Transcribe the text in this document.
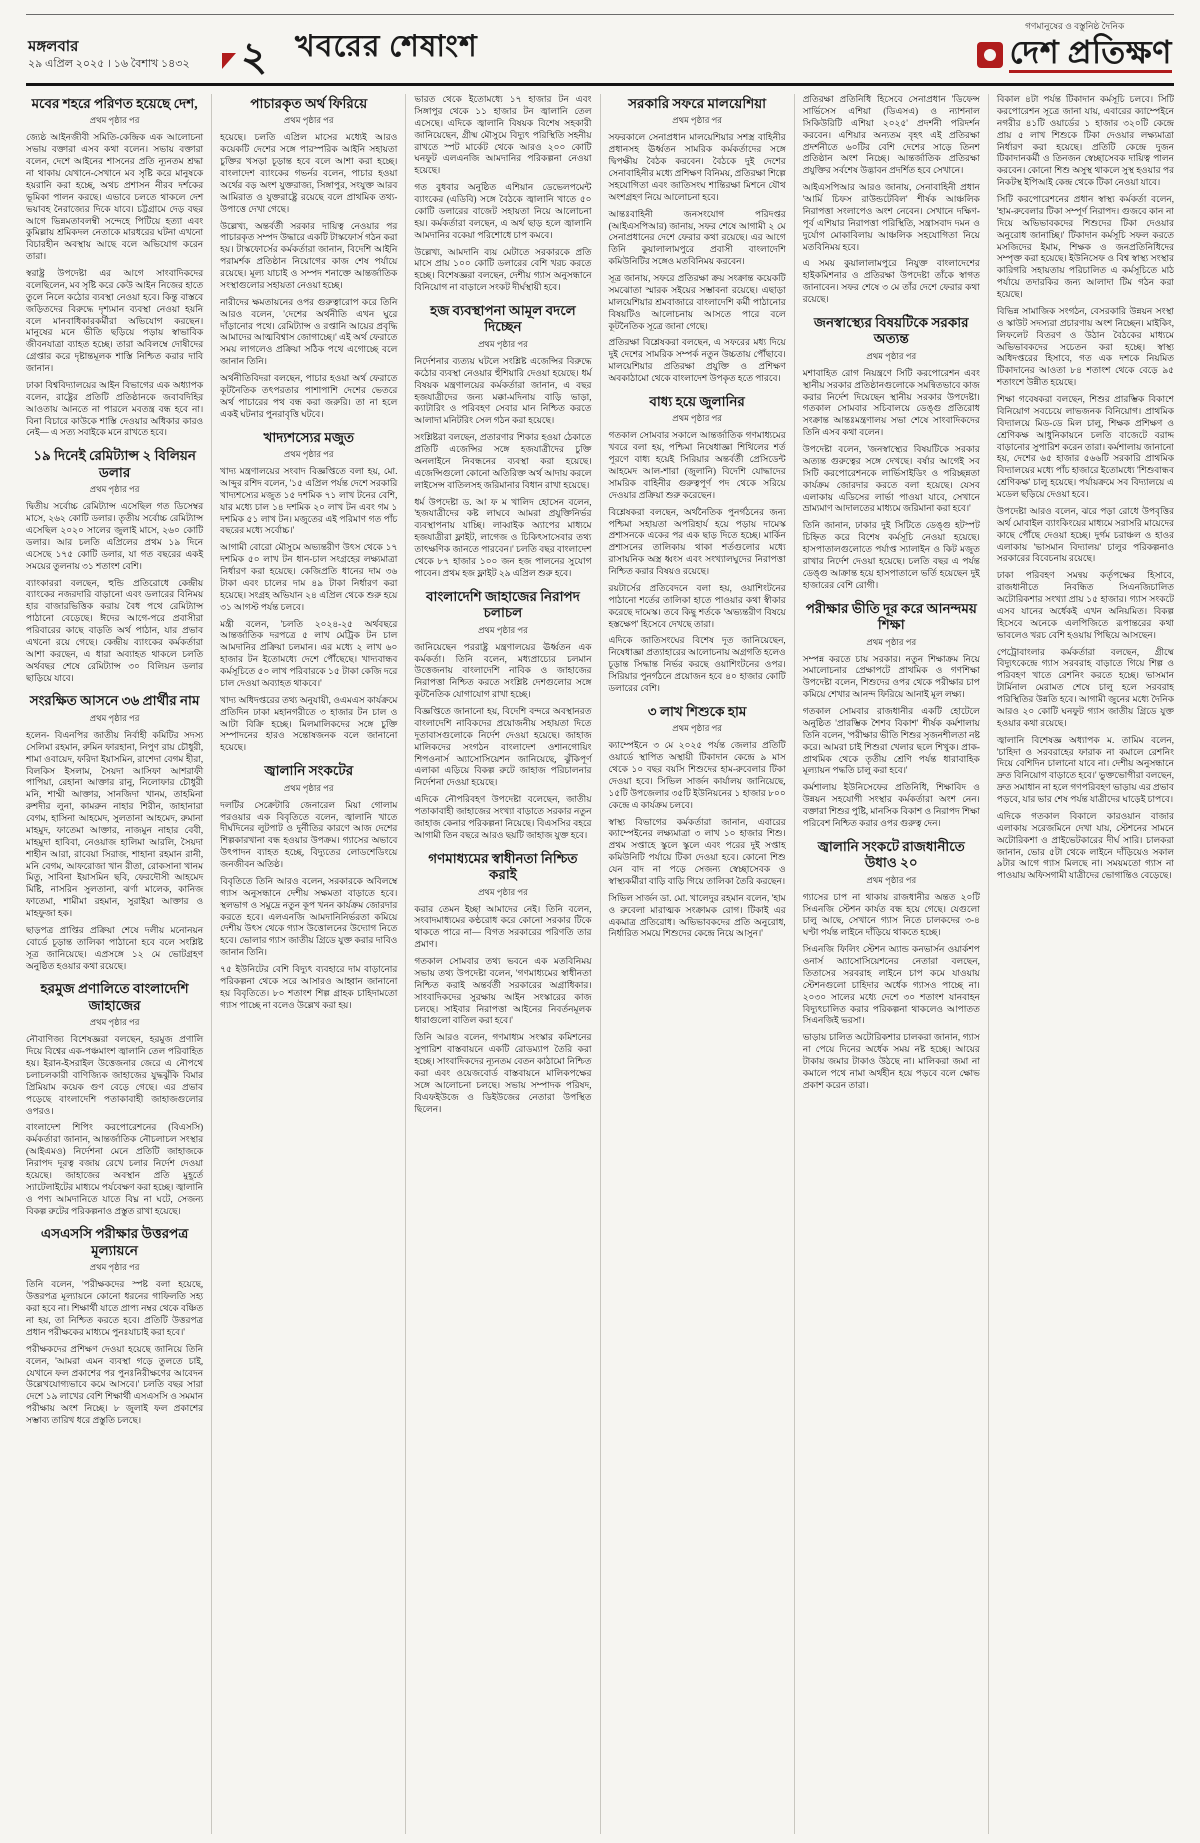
মঙ্গলবার
২৯ এপ্রিল ২০২৫ । ১৬ বৈশাখ ১৪৩২ ২ খবরের শেষাংশ
গণমানুষের ও বস্তুনিষ্ঠ দৈনিক
দেশ প্রতিক্ষণ
মবের শহরে পরিণত হয়েছে দেশ,

প্রথম পৃষ্ঠার পর

জ্যেষ্ঠ আইনজীবী সমিতি-কেন্দ্রিক এক আলোচনা সভায় বক্তারা এসব কথা বলেন। সভায় বক্তারা বলেন, দেশে আইনের শাসনের প্রতি ন্যূনতম শ্রদ্ধা না থাকায় যেখানে-সেখানে মব সৃষ্টি করে মানুষকে হয়রানি করা হচ্ছে, অথচ প্রশাসন নীরব দর্শকের ভূমিকা পালন করছে। এভাবে চলতে থাকলে দেশ ভয়াবহ নৈরাজ্যের দিকে যাবে। চট্টগ্রামে দেড় বছর আগে ভিন্নমতাবলম্বী সন্দেহে পিটিয়ে হত্যা এবং কুমিল্লায় শ্রমিকদল নেতাকে মারধরের ঘটনা এখনো বিচারহীন অবস্থায় আছে বলে অভিযোগ করেন তারা।

স্বরাষ্ট্র উপদেষ্টা এর আগে সাংবাদিকদের বলেছিলেন, মব সৃষ্টি করে কেউ আইন নিজের হাতে তুলে নিলে কঠোর ব্যবস্থা নেওয়া হবে। কিন্তু বাস্তবে জড়িতদের বিরুদ্ধে দৃশ্যমান ব্যবস্থা নেওয়া হয়নি বলে মানবাধিকারকর্মীরা অভিযোগ করছেন। মানুষের মনে ভীতি ছড়িয়ে পড়ায় স্বাভাবিক জীবনযাত্রা ব্যাহত হচ্ছে। তারা অবিলম্বে দোষীদের গ্রেপ্তার করে দৃষ্টান্তমূলক শাস্তি নিশ্চিত করার দাবি জানান।

ঢাকা বিশ্ববিদ্যালয়ের আইন বিভাগের এক অধ্যাপক বলেন, রাষ্ট্রের প্রতিটি প্রতিষ্ঠানকে জবাবদিহির আওতায় আনতে না পারলে মবতন্ত্র বন্ধ হবে না। বিনা বিচারে কাউকে শাস্তি দেওয়ার অধিকার কারও নেই— এ সত্য সবাইকে মনে রাখতে হবে।

১৯ দিনেই রেমিট্যান্স ২ বিলিয়ন ডলার

প্রথম পৃষ্ঠার পর

দ্বিতীয় সর্বোচ্চ রেমিট্যান্স এসেছিল গত ডিসেম্বর মাসে, ২৬২ কোটি ডলার। তৃতীয় সর্বোচ্চ রেমিট্যান্স এসেছিল ২০২০ সালের জুলাই মাসে, ২৬০ কোটি ডলার। আর চলতি এপ্রিলের প্রথম ১৯ দিনে এসেছে ১৭৫ কোটি ডলার, যা গত বছরের একই সময়ের তুলনায় ৩১ শতাংশ বেশি।

ব্যাংকাররা বলছেন, হুন্ডি প্রতিরোধে কেন্দ্রীয় ব্যাংকের নজরদারি বাড়ানো এবং ডলারের বিনিময় হার বাজারভিত্তিক করায় বৈধ পথে রেমিট্যান্স পাঠানো বেড়েছে। ঈদের আগে-পরে প্রবাসীরা পরিবারের কাছে বাড়তি অর্থ পাঠান, যার প্রভাব এখনো রয়ে গেছে। কেন্দ্রীয় ব্যাংকের কর্মকর্তারা আশা করছেন, এ ধারা অব্যাহত থাকলে চলতি অর্থবছর শেষে রেমিট্যান্স ৩০ বিলিয়ন ডলার ছাড়িয়ে যাবে।

সংরক্ষিত আসনে ৩৬ প্রার্থীর নাম

প্রথম পৃষ্ঠার পর

হলেন- বিএনপির জাতীয় নির্বাহী কমিটির সদস্য সেলিমা রহমান, রুমিন ফারহানা, নিপুণ রায় চৌধুরী, শামা ওবায়েদ, ফরিদা ইয়াসমিন, রাশেদা বেগম হীরা, বিলকিস ইসলাম, সৈয়দা আসিফা আশরাফী পাপিয়া, রেহানা আক্তার রানু, নিলোফার চৌধুরী মনি, শাম্মী আক্তার, সানজিদা খানম, তাহমিনা রুশদীর লুনা, কামরুন নাহার শিরীন, জাহানারা বেগম, হাসিনা আহমেদ, সুলতানা আহমেদ, রুমানা মাহমুদ, ফাতেমা আক্তার, নাজমুন নাহার বেবী, মাহমুদা হাবিবা, নেওয়াজ হালিমা আরলি, সৈয়দা শাহীন আরা, রাবেয়া সিরাজ, শাহানা রহমান রানী, মনি বেগম, আফরোজা খান রীতা, রোকসানা খানম মিতু, সাবিনা ইয়াসমিন ছবি, ফেরদৌসী আহমেদ মিষ্টি, নাসরিন সুলতানা, ঝর্ণা মালেক, কানিজ ফাতেমা, শামীমা রহমান, সুরাইয়া আক্তার ও মাহফুজা হক।

ছাড়পত্র প্রাপ্তির প্রক্রিয়া শেষে দলীয় মনোনয়ন বোর্ডে চূড়ান্ত তালিকা পাঠানো হবে বলে সংশ্লিষ্ট সূত্র জানিয়েছে। এপ্রসঙ্গে ১২ মে ভোটগ্রহণ অনুষ্ঠিত হওয়ার কথা রয়েছে।

হরমুজ প্রণালিতে বাংলাদেশি জাহাজের

প্রথম পৃষ্ঠার পর

নৌবাণিজ্য বিশেষজ্ঞরা বলছেন, হরমুজ প্রণালি দিয়ে বিশ্বের এক-পঞ্চমাংশ জ্বালানি তেল পরিবাহিত হয়। ইরান-ইসরাইল উত্তেজনার জেরে এ নৌপথে চলাচলকারী বাণিজ্যিক জাহাজের যুদ্ধঝুঁকি বিমার প্রিমিয়াম কয়েক গুণ বেড়ে গেছে। এর প্রভাব পড়েছে বাংলাদেশি পতাকাবাহী জাহাজগুলোর ওপরও।

বাংলাদেশ শিপিং করপোরেশনের (বিএসসি) কর্মকর্তারা জানান, আন্তর্জাতিক নৌচলাচল সংস্থার (আইএমও) নির্দেশনা মেনে প্রতিটি জাহাজকে নিরাপদ দূরত্ব বজায় রেখে চলার নির্দেশ দেওয়া হয়েছে। জাহাজের অবস্থান প্রতি মুহূর্তে স্যাটেলাইটের মাধ্যমে পর্যবেক্ষণ করা হচ্ছে। জ্বালানি ও পণ্য আমদানিতে যাতে বিঘ্ন না ঘটে, সেজন্য বিকল্প রুটের পরিকল্পনাও প্রস্তুত রাখা হয়েছে।

এসএসসি পরীক্ষার উত্তরপত্র মূল্যায়নে

প্রথম পৃষ্ঠার পর

তিনি বলেন, 'পরীক্ষকদের স্পষ্ট বলা হয়েছে, উত্তরপত্র মূল্যায়নে কোনো ধরনের গাফিলতি সহ্য করা হবে না। শিক্ষার্থী যাতে প্রাপ্য নম্বর থেকে বঞ্চিত না হয়, তা নিশ্চিত করতে হবে। প্রতিটি উত্তরপত্র প্রধান পরীক্ষকের মাধ্যমে পুনঃযাচাই করা হবে।'

পরীক্ষকদের প্রশিক্ষণ দেওয়া হয়েছে জানিয়ে তিনি বলেন, 'আমরা এমন ব্যবস্থা গড়ে তুলতে চাই, যেখানে ফল প্রকাশের পর পুনঃনিরীক্ষণের আবেদন উল্লেখযোগ্যভাবে কমে আসবে।' চলতি বছর সারা দেশে ১৯ লাখের বেশি শিক্ষার্থী এসএসসি ও সমমান পরীক্ষায় অংশ নিচ্ছে। ৮ জুলাই ফল প্রকাশের সম্ভাব্য তারিখ ধরে প্রস্তুতি চলছে।

পাচারকৃত অর্থ ফিরিয়ে

প্রথম পৃষ্ঠার পর

হয়েছে। চলতি এপ্রিল মাসের মধ্যেই আরও কয়েকটি দেশের সঙ্গে পারস্পরিক আইনি সহায়তা চুক্তির খসড়া চূড়ান্ত হবে বলে আশা করা হচ্ছে। বাংলাদেশ ব্যাংকের গভর্নর বলেন, পাচার হওয়া অর্থের বড় অংশ যুক্তরাজ্য, সিঙ্গাপুর, সংযুক্ত আরব আমিরাত ও যুক্তরাষ্ট্রে রয়েছে বলে প্রাথমিক তথ্য-উপাত্তে দেখা গেছে।

উল্লেখ্য, অন্তর্বর্তী সরকার দায়িত্ব নেওয়ার পর পাচারকৃত সম্পদ উদ্ধারে একটি টাস্কফোর্স গঠন করা হয়। টাস্কফোর্সের কর্মকর্তারা জানান, বিদেশি আইনি পরামর্শক প্রতিষ্ঠান নিয়োগের কাজ শেষ পর্যায়ে রয়েছে। মূল্য যাচাই ও সম্পদ শনাক্তে আন্তর্জাতিক সংস্থাগুলোর সহায়তা নেওয়া হচ্ছে।

নারীদের ক্ষমতায়নের ওপর গুরুত্বারোপ করে তিনি আরও বলেন, 'দেশের অর্থনীতি এখন ঘুরে দাঁড়ানোর পথে। রেমিট্যান্স ও রপ্তানি আয়ের প্রবৃদ্ধি আমাদের আত্মবিশ্বাস জোগাচ্ছে।' এই অর্থ ফেরাতে সময় লাগলেও প্রক্রিয়া সঠিক পথে এগোচ্ছে বলে জানান তিনি।

অর্থনীতিবিদরা বলছেন, পাচার হওয়া অর্থ ফেরাতে কূটনৈতিক তৎপরতার পাশাপাশি দেশের ভেতরে অর্থ পাচারের পথ বন্ধ করা জরুরি। তা না হলে একই ঘটনার পুনরাবৃত্তি ঘটবে।

খাদ্যশস্যের মজুত

প্রথম পৃষ্ঠার পর

খাদ্য মন্ত্রণালয়ের সংবাদ বিজ্ঞপ্তিতে বলা হয়, মো. আব্দুর রশিদ বলেন, '১৫ এপ্রিল পর্যন্ত দেশে সরকারি খাদ্যশস্যের মজুত ১৫ দশমিক ৭১ লাখ টনের বেশি, যার মধ্যে চাল ১৪ দশমিক ২০ লাখ টন এবং গম ১ দশমিক ৫১ লাখ টন। মজুতের এই পরিমাণ গত পাঁচ বছরের মধ্যে সর্বোচ্চ।'

আগামী বোরো মৌসুমে অভ্যন্তরীণ উৎস থেকে ১৭ দশমিক ৫০ লাখ টন ধান-চাল সংগ্রহের লক্ষ্যমাত্রা নির্ধারণ করা হয়েছে। কেজিপ্রতি ধানের দাম ৩৬ টাকা এবং চালের দাম ৪৯ টাকা নির্ধারণ করা হয়েছে। সংগ্রহ অভিযান ২৪ এপ্রিল থেকে শুরু হয়ে ৩১ আগস্ট পর্যন্ত চলবে।

মন্ত্রী বলেন, 'চলতি ২০২৪-২৫ অর্থবছরে আন্তর্জাতিক দরপত্রে ৫ লাখ মেট্রিক টন চাল আমদানির প্রক্রিয়া চলমান। এর মধ্যে ২ লাখ ৬০ হাজার টন ইতোমধ্যে দেশে পৌঁছেছে। খাদ্যবান্ধব কর্মসূচিতে ৫০ লাখ পরিবারকে ১৫ টাকা কেজি দরে চাল দেওয়া অব্যাহত থাকবে।'

খাদ্য অধিদপ্তরের তথ্য অনুযায়ী, ওএমএস কার্যক্রমে প্রতিদিন ঢাকা মহানগরীতে ৩ হাজার টন চাল ও আটা বিক্রি হচ্ছে। মিলমালিকদের সঙ্গে চুক্তি সম্পাদনের হারও সন্তোষজনক বলে জানানো হয়েছে।

জ্বালানি সংকটের

প্রথম পৃষ্ঠার পর

দলটির সেক্রেটারি জেনারেল মিয়া গোলাম পরওয়ার এক বিবৃতিতে বলেন, জ্বালানি খাতে দীর্ঘদিনের লুটপাট ও দুর্নীতির কারণে আজ দেশের শিল্পকারখানা বন্ধ হওয়ার উপক্রম। গ্যাসের অভাবে উৎপাদন ব্যাহত হচ্ছে, বিদ্যুতের লোডশেডিংয়ে জনজীবন অতিষ্ঠ।

বিবৃতিতে তিনি আরও বলেন, সরকারকে অবিলম্বে গ্যাস অনুসন্ধানে দেশীয় সক্ষমতা বাড়াতে হবে। স্থলভাগ ও সমুদ্রে নতুন কূপ খনন কার্যক্রম জোরদার করতে হবে। এলএনজি আমদানিনির্ভরতা কমিয়ে দেশীয় উৎস থেকে গ্যাস উত্তোলনের উদ্যোগ নিতে হবে। ভোলার গ্যাস জাতীয় গ্রিডে যুক্ত করার দাবিও জানান তিনি।

৭৫ ইউনিটের বেশি বিদ্যুৎ ব্যবহারে দাম বাড়ানোর পরিকল্পনা থেকে সরে আসারও আহ্বান জানানো হয় বিবৃতিতে। ৮০ শতাংশ শিল্প গ্রাহক চাহিদামতো গ্যাস পাচ্ছে না বলেও উল্লেখ করা হয়।

ভারত থেকে ইতোমধ্যে ১৭ হাজার টন এবং সিঙ্গাপুর থেকে ১১ হাজার টন জ্বালানি তেল এসেছে। এদিকে জ্বালানি বিষয়ক বিশেষ সহকারী জানিয়েছেন, গ্রীষ্ম মৌসুমে বিদ্যুৎ পরিস্থিতি সহনীয় রাখতে স্পট মার্কেট থেকে আরও ২০০ কোটি ঘনফুট এলএনজি আমদানির পরিকল্পনা নেওয়া হয়েছে।

গত বুধবার অনুষ্ঠিত এশিয়ান ডেভেলপমেন্ট ব্যাংকের (এডিবি) সঙ্গে বৈঠকে জ্বালানি খাতে ৫০ কোটি ডলারের বাজেট সহায়তা নিয়ে আলোচনা হয়। কর্মকর্তারা বলছেন, এ অর্থ ছাড় হলে জ্বালানি আমদানির বকেয়া পরিশোধে চাপ কমবে।

উল্লেখ্য, আমদানি ব্যয় মেটাতে সরকারকে প্রতি মাসে প্রায় ১০০ কোটি ডলারের বেশি খরচ করতে হচ্ছে। বিশেষজ্ঞরা বলছেন, দেশীয় গ্যাস অনুসন্ধানে বিনিয়োগ না বাড়ালে সংকট দীর্ঘস্থায়ী হবে।

হজ ব্যবস্থাপনা আমূল বদলে দিচ্ছেন

প্রথম পৃষ্ঠার পর

নির্দেশনার ব্যত্যয় ঘটলে সংশ্লিষ্ট এজেন্সির বিরুদ্ধে কঠোর ব্যবস্থা নেওয়ার হুঁশিয়ারি দেওয়া হয়েছে। ধর্ম বিষয়ক মন্ত্রণালয়ের কর্মকর্তারা জানান, এ বছর হজযাত্রীদের জন্য মক্কা-মদিনায় বাড়ি ভাড়া, ক্যাটারিং ও পরিবহণ সেবার মান নিশ্চিত করতে আলাদা মনিটরিং সেল গঠন করা হয়েছে।

সংশ্লিষ্টরা বলছেন, প্রতারণার শিকার হওয়া ঠেকাতে প্রতিটি এজেন্সির সঙ্গে হজযাত্রীদের চুক্তি অনলাইনে নিবন্ধনের ব্যবস্থা করা হয়েছে। এজেন্সিগুলো কোনো অতিরিক্ত অর্থ আদায় করলে লাইসেন্স বাতিলসহ জরিমানার বিধান রাখা হয়েছে।

ধর্ম উপদেষ্টা ড. আ ফ ম খালিদ হোসেন বলেন, 'হজযাত্রীদের কষ্ট লাঘবে আমরা প্রযুক্তিনির্ভর ব্যবস্থাপনায় যাচ্ছি। লাব্বাইক অ্যাপের মাধ্যমে হজযাত্রীরা ফ্লাইট, লাগেজ ও চিকিৎসাসেবার তথ্য তাৎক্ষণিক জানতে পারবেন।' চলতি বছর বাংলাদেশ থেকে ৮৭ হাজার ১০০ জন হজ পালনের সুযোগ পাবেন। প্রথম হজ ফ্লাইট ২৯ এপ্রিল শুরু হবে।

বাংলাদেশি জাহাজের নিরাপদ চলাচল

প্রথম পৃষ্ঠার পর

জানিয়েছেন পররাষ্ট্র মন্ত্রণালয়ের ঊর্ধ্বতন এক কর্মকর্তা। তিনি বলেন, মধ্যপ্রাচ্যের চলমান উত্তেজনায় বাংলাদেশি নাবিক ও জাহাজের নিরাপত্তা নিশ্চিত করতে সংশ্লিষ্ট দেশগুলোর সঙ্গে কূটনৈতিক যোগাযোগ রাখা হচ্ছে।

বিজ্ঞপ্তিতে জানানো হয়, বিদেশি বন্দরে অবস্থানরত বাংলাদেশি নাবিকদের প্রয়োজনীয় সহায়তা দিতে দূতাবাসগুলোকে নির্দেশ দেওয়া হয়েছে। জাহাজ মালিকদের সংগঠন বাংলাদেশ ওশানগোয়িং শিপওনার্স অ্যাসোসিয়েশন জানিয়েছে, ঝুঁকিপূর্ণ এলাকা এড়িয়ে বিকল্প রুটে জাহাজ পরিচালনার নির্দেশনা দেওয়া হয়েছে।

এদিকে নৌপরিবহণ উপদেষ্টা বলেছেন, জাতীয় পতাকাবাহী জাহাজের সংখ্যা বাড়াতে সরকার নতুন জাহাজ কেনার পরিকল্পনা নিয়েছে। বিএসসির বহরে আগামী তিন বছরে আরও ছয়টি জাহাজ যুক্ত হবে।

গণমাধ্যমের স্বাধীনতা নিশ্চিত করাই

প্রথম পৃষ্ঠার পর

করার তেমন ইচ্ছা আমাদের নেই। তিনি বলেন, সংবাদমাধ্যমের কণ্ঠরোধ করে কোনো সরকার টিকে থাকতে পারে না— বিগত সরকারের পরিণতি তার প্রমাণ।

গতকাল সোমবার তথ্য ভবনে এক মতবিনিময় সভায় তথ্য উপদেষ্টা বলেন, 'গণমাধ্যমের স্বাধীনতা নিশ্চিত করাই অন্তর্বর্তী সরকারের অগ্রাধিকার। সাংবাদিকদের সুরক্ষায় আইন সংস্কারের কাজ চলছে। সাইবার নিরাপত্তা আইনের নিবর্তনমূলক ধারাগুলো বাতিল করা হবে।'

তিনি আরও বলেন, গণমাধ্যম সংস্কার কমিশনের সুপারিশ বাস্তবায়নে একটি রোডম্যাপ তৈরি করা হচ্ছে। সাংবাদিকদের ন্যূনতম বেতন কাঠামো নিশ্চিত করা এবং ওয়েজবোর্ড বাস্তবায়নে মালিকপক্ষের সঙ্গে আলোচনা চলছে। সভায় সম্পাদক পরিষদ, বিএফইউজে ও ডিইউজের নেতারা উপস্থিত ছিলেন।

সরকারি সফরে মালয়েশিয়া

প্রথম পৃষ্ঠার পর

সফরকালে সেনাপ্রধান মালয়েশিয়ার সশস্ত্র বাহিনীর প্রধানসহ ঊর্ধ্বতন সামরিক কর্মকর্তাদের সঙ্গে দ্বিপক্ষীয় বৈঠক করবেন। বৈঠকে দুই দেশের সেনাবাহিনীর মধ্যে প্রশিক্ষণ বিনিময়, প্রতিরক্ষা শিল্পে সহযোগিতা এবং জাতিসংঘ শান্তিরক্ষা মিশনে যৌথ অংশগ্রহণ নিয়ে আলোচনা হবে।

আন্তঃবাহিনী জনসংযোগ পরিদপ্তর (আইএসপিআর) জানায়, সফর শেষে আগামী ২ মে সেনাপ্রধানের দেশে ফেরার কথা রয়েছে। এর আগে তিনি কুয়ালালামপুরে প্রবাসী বাংলাদেশি কমিউনিটির সঙ্গেও মতবিনিময় করবেন।

সূত্র জানায়, সফরে প্রতিরক্ষা ক্রয় সংক্রান্ত কয়েকটি সমঝোতা স্মারক সইয়ের সম্ভাবনা রয়েছে। এছাড়া মালয়েশিয়ার শ্রমবাজারে বাংলাদেশি কর্মী পাঠানোর বিষয়টিও আলোচনায় আসতে পারে বলে কূটনৈতিক সূত্রে জানা গেছে।

প্রতিরক্ষা বিশ্লেষকরা বলছেন, এ সফরের মধ্য দিয়ে দুই দেশের সামরিক সম্পর্ক নতুন উচ্চতায় পৌঁছাবে। মালয়েশিয়ার প্রতিরক্ষা প্রযুক্তি ও প্রশিক্ষণ অবকাঠামো থেকে বাংলাদেশ উপকৃত হতে পারবে।

বাধ্য হয়ে জুলানির

প্রথম পৃষ্ঠার পর

গতকাল সোমবার সকালে আন্তর্জাতিক গণমাধ্যমের খবরে বলা হয়, পশ্চিমা নিষেধাজ্ঞা শিথিলের শর্ত পূরণে বাধ্য হয়েই সিরিয়ার অন্তর্বর্তী প্রেসিডেন্ট আহমেদ আল-শারা (জুলানি) বিদেশি যোদ্ধাদের সামরিক বাহিনীর গুরুত্বপূর্ণ পদ থেকে সরিয়ে দেওয়ার প্রক্রিয়া শুরু করেছেন।

বিশ্লেষকরা বলছেন, অর্থনৈতিক পুনর্গঠনের জন্য পশ্চিমা সহায়তা অপরিহার্য হয়ে পড়ায় দামেস্ক প্রশাসনকে একের পর এক ছাড় দিতে হচ্ছে। মার্কিন প্রশাসনের তালিকায় থাকা শর্তগুলোর মধ্যে রাসায়নিক অস্ত্র ধ্বংস এবং সংখ্যালঘুদের নিরাপত্তা নিশ্চিত করার বিষয়ও রয়েছে।

রয়টার্সের প্রতিবেদনে বলা হয়, ওয়াশিংটনের পাঠানো শর্তের তালিকা হাতে পাওয়ার কথা স্বীকার করেছে দামেস্ক। তবে কিছু শর্তকে 'অভ্যন্তরীণ বিষয়ে হস্তক্ষেপ' হিসেবে দেখছে তারা।

এদিকে জাতিসংঘের বিশেষ দূত জানিয়েছেন, নিষেধাজ্ঞা প্রত্যাহারের আলোচনায় অগ্রগতি হলেও চূড়ান্ত সিদ্ধান্ত নির্ভর করছে ওয়াশিংটনের ওপর। সিরিয়ার পুনর্গঠনে প্রয়োজন হবে ৪০ হাজার কোটি ডলারের বেশি।

৩ লাখ শিশুকে হাম

প্রথম পৃষ্ঠার পর

ক্যাম্পেইনে ৩ মে ২০২৫ পর্যন্ত জেলার প্রতিটি ওয়ার্ডে স্থাপিত অস্থায়ী টিকাদান কেন্দ্রে ৯ মাস থেকে ১০ বছর বয়সি শিশুদের হাম-রুবেলার টিকা দেওয়া হবে। সিভিল সার্জন কার্যালয় জানিয়েছে, ১৫টি উপজেলার ৩৫টি ইউনিয়নের ১ হাজার ৮০০ কেন্দ্রে এ কার্যক্রম চলবে।

স্বাস্থ্য বিভাগের কর্মকর্তারা জানান, এবারের ক্যাম্পেইনের লক্ষ্যমাত্রা ৩ লাখ ১০ হাজার শিশু। প্রথম সপ্তাহে স্কুলে স্কুলে এবং পরের দুই সপ্তাহ কমিউনিটি পর্যায়ে টিকা দেওয়া হবে। কোনো শিশু যেন বাদ না পড়ে সেজন্য স্বেচ্ছাসেবক ও স্বাস্থ্যকর্মীরা বাড়ি বাড়ি গিয়ে তালিকা তৈরি করছেন।

সিভিল সার্জন ডা. মো. খালেদুর রহমান বলেন, 'হাম ও রুবেলা মারাত্মক সংক্রামক রোগ। টিকাই এর একমাত্র প্রতিরোধ। অভিভাবকদের প্রতি অনুরোধ, নির্ধারিত সময়ে শিশুদের কেন্দ্রে নিয়ে আসুন।'

প্রতিরক্ষা প্রতিনিধি হিসেবে সেনাপ্রধান 'ডিফেন্স সার্ভিসেস এশিয়া (ডিএসএ) ও ন্যাশনাল সিকিউরিটি এশিয়া ২০২৫' প্রদর্শনী পরিদর্শন করবেন। এশিয়ার অন্যতম বৃহৎ এই প্রতিরক্ষা প্রদর্শনীতে ৬০টির বেশি দেশের সাড়ে তিনশ প্রতিষ্ঠান অংশ নিচ্ছে। আন্তর্জাতিক প্রতিরক্ষা প্রযুক্তির সর্বশেষ উদ্ভাবন প্রদর্শিত হবে সেখানে।

আইএসপিআর আরও জানায়, সেনাবাহিনী প্রধান 'আর্মি চিফস রাউন্ডটেবিল' শীর্ষক আঞ্চলিক নিরাপত্তা সংলাপেও অংশ নেবেন। সেখানে দক্ষিণ-পূর্ব এশিয়ার নিরাপত্তা পরিস্থিতি, সন্ত্রাসবাদ দমন ও দুর্যোগ মোকাবিলায় আঞ্চলিক সহযোগিতা নিয়ে মতবিনিময় হবে।

এ সময় কুয়ালালামপুরে নিযুক্ত বাংলাদেশের হাইকমিশনার ও প্রতিরক্ষা উপদেষ্টা তাঁকে স্বাগত জানাবেন। সফর শেষে ৩ মে তাঁর দেশে ফেরার কথা রয়েছে।

জনস্বাস্থ্যের বিষয়টিকে সরকার অত্যন্ত

প্রথম পৃষ্ঠার পর

মশাবাহিত রোগ নিয়ন্ত্রণে সিটি করপোরেশন এবং স্থানীয় সরকার প্রতিষ্ঠানগুলোকে সমন্বিতভাবে কাজ করার নির্দেশ দিয়েছেন স্থানীয় সরকার উপদেষ্টা। গতকাল সোমবার সচিবালয়ে ডেঙ্গু প্রতিরোধ সংক্রান্ত আন্তঃমন্ত্রণালয় সভা শেষে সাংবাদিকদের তিনি এসব কথা বলেন।

উপদেষ্টা বলেন, 'জনস্বাস্থ্যের বিষয়টিকে সরকার অত্যন্ত গুরুত্বের সঙ্গে দেখছে। বর্ষার আগেই সব সিটি করপোরেশনকে লার্ভিসাইডিং ও পরিচ্ছন্নতা কার্যক্রম জোরদার করতে বলা হয়েছে। যেসব এলাকায় এডিসের লার্ভা পাওয়া যাবে, সেখানে ভ্রাম্যমাণ আদালতের মাধ্যমে জরিমানা করা হবে।'

তিনি জানান, ঢাকার দুই সিটিতে ডেঙ্গু হটস্পট চিহ্নিত করে বিশেষ কর্মসূচি নেওয়া হয়েছে। হাসপাতালগুলোতে পর্যাপ্ত স্যালাইন ও কিট মজুত রাখার নির্দেশ দেওয়া হয়েছে। চলতি বছর এ পর্যন্ত ডেঙ্গু আক্রান্ত হয়ে হাসপাতালে ভর্তি হয়েছেন দুই হাজারের বেশি রোগী।

পরীক্ষার ভীতি দূর করে আনন্দময় শিক্ষা

প্রথম পৃষ্ঠার পর

সম্পন্ন করতে চায় সরকার। নতুন শিক্ষাক্রম নিয়ে সমালোচনার প্রেক্ষাপটে প্রাথমিক ও গণশিক্ষা উপদেষ্টা বলেন, শিশুদের ওপর থেকে পরীক্ষার চাপ কমিয়ে শেখার আনন্দ ফিরিয়ে আনাই মূল লক্ষ্য।

গতকাল সোমবার রাজধানীর একটি হোটেলে অনুষ্ঠিত 'প্রারম্ভিক শৈশব বিকাশ' শীর্ষক কর্মশালায় তিনি বলেন, 'পরীক্ষার ভীতি শিশুর সৃজনশীলতা নষ্ট করে। আমরা চাই শিশুরা খেলার ছলে শিখুক। প্রাক-প্রাথমিক থেকে তৃতীয় শ্রেণি পর্যন্ত ধারাবাহিক মূল্যায়ন পদ্ধতি চালু করা হবে।'

কর্মশালায় ইউনিসেফের প্রতিনিধি, শিক্ষাবিদ ও উন্নয়ন সহযোগী সংস্থার কর্মকর্তারা অংশ নেন। বক্তারা শিশুর পুষ্টি, মানসিক বিকাশ ও নিরাপদ শিক্ষা পরিবেশ নিশ্চিত করার ওপর গুরুত্ব দেন।

জ্বালানি সংকটে রাজধানীতে উধাও ২০

প্রথম পৃষ্ঠার পর

গ্যাসের চাপ না থাকায় রাজধানীর অন্তত ২০টি সিএনজি স্টেশন কার্যত বন্ধ হয়ে গেছে। যেগুলো চালু আছে, সেখানে গ্যাস নিতে চালকদের ৩-৪ ঘণ্টা পর্যন্ত লাইনে দাঁড়িয়ে থাকতে হচ্ছে।

সিএনজি ফিলিং স্টেশন অ্যান্ড কনভার্সন ওয়ার্কশপ ওনার্স অ্যাসোসিয়েশনের নেতারা বলছেন, তিতাসের সরবরাহ লাইনে চাপ কমে যাওয়ায় স্টেশনগুলো চাহিদার অর্ধেক গ্যাসও পাচ্ছে না। ২০৩০ সালের মধ্যে দেশে ৩০ শতাংশ যানবাহন বিদ্যুৎচালিত করার পরিকল্পনা থাকলেও আপাতত সিএনজিই ভরসা।

ভাড়ায় চালিত অটোরিকশার চালকরা জানান, গ্যাস না পেয়ে দিনের অর্ধেক সময় নষ্ট হচ্ছে। আয়ের টাকায় জমার টাকাও উঠছে না। মালিকরা জমা না কমালে পথে নামা অর্থহীন হয়ে পড়বে বলে ক্ষোভ প্রকাশ করেন তারা।

বিকাল ৪টা পর্যন্ত টিকাদান কর্মসূচি চলবে। সিটি করপোরেশন সূত্রে জানা যায়, এবারের ক্যাম্পেইনে নগরীর ৪১টি ওয়ার্ডের ১ হাজার ৩২০টি কেন্দ্রে প্রায় ৫ লাখ শিশুকে টিকা দেওয়ার লক্ষ্যমাত্রা নির্ধারণ করা হয়েছে। প্রতিটি কেন্দ্রে দুজন টিকাদানকর্মী ও তিনজন স্বেচ্ছাসেবক দায়িত্ব পালন করবেন। কোনো শিশু অসুস্থ থাকলে সুস্থ হওয়ার পর নিকটস্থ ইপিআই কেন্দ্র থেকে টিকা নেওয়া যাবে।

সিটি করপোরেশনের প্রধান স্বাস্থ্য কর্মকর্তা বলেন, 'হাম-রুবেলার টিকা সম্পূর্ণ নিরাপদ। গুজবে কান না দিয়ে অভিভাবকদের শিশুদের টিকা দেওয়ার অনুরোধ জানাচ্ছি।' টিকাদান কর্মসূচি সফল করতে মসজিদের ইমাম, শিক্ষক ও জনপ্রতিনিধিদের সম্পৃক্ত করা হয়েছে। ইউনিসেফ ও বিশ্ব স্বাস্থ্য সংস্থার কারিগরি সহায়তায় পরিচালিত এ কর্মসূচিতে মাঠ পর্যায়ে তদারকির জন্য আলাদা টিম গঠন করা হয়েছে।

বিভিন্ন সামাজিক সংগঠন, বেসরকারি উন্নয়ন সংস্থা ও স্কাউট সদস্যরা প্রচারণায় অংশ নিচ্ছেন। মাইকিং, লিফলেট বিতরণ ও উঠান বৈঠকের মাধ্যমে অভিভাবকদের সচেতন করা হচ্ছে। স্বাস্থ্য অধিদপ্তরের হিসাবে, গত এক দশকে নিয়মিত টিকাদানের আওতা ৮৪ শতাংশ থেকে বেড়ে ৯৫ শতাংশে উন্নীত হয়েছে।

শিক্ষা গবেষকরা বলছেন, শিশুর প্রারম্ভিক বিকাশে বিনিয়োগ সবচেয়ে লাভজনক বিনিয়োগ। প্রাথমিক বিদ্যালয়ে মিড-ডে মিল চালু, শিক্ষক প্রশিক্ষণ ও শ্রেণিকক্ষ আধুনিকায়নে চলতি বাজেটে বরাদ্দ বাড়ানোর সুপারিশ করেন তারা। কর্মশালায় জানানো হয়, দেশের ৬৫ হাজার ৫৬৬টি সরকারি প্রাথমিক বিদ্যালয়ের মধ্যে পাঁচ হাজারে ইতোমধ্যে 'শিশুবান্ধব শ্রেণিকক্ষ' চালু হয়েছে। পর্যায়ক্রমে সব বিদ্যালয়ে এ মডেল ছড়িয়ে দেওয়া হবে।

উপদেষ্টা আরও বলেন, ঝরে পড়া রোধে উপবৃত্তির অর্থ মোবাইল ব্যাংকিংয়ের মাধ্যমে সরাসরি মায়েদের কাছে পৌঁছে দেওয়া হচ্ছে। দুর্গম চরাঞ্চল ও হাওর এলাকায় 'ভাসমান বিদ্যালয়' চালুর পরিকল্পনাও সরকারের বিবেচনায় রয়েছে।

ঢাকা পরিবহণ সমন্বয় কর্তৃপক্ষের হিসাবে, রাজধানীতে নিবন্ধিত সিএনজিচালিত অটোরিকশার সংখ্যা প্রায় ১৫ হাজার। গ্যাস সংকটে এসব যানের অর্ধেকই এখন অনিয়মিত। বিকল্প হিসেবে অনেকে এলপিজিতে রূপান্তরের কথা ভাবলেও খরচ বেশি হওয়ায় পিছিয়ে আসছেন।

পেট্রোবাংলার কর্মকর্তারা বলছেন, গ্রীষ্মে বিদ্যুৎকেন্দ্রে গ্যাস সরবরাহ বাড়াতে গিয়ে শিল্প ও পরিবহণ খাতে রেশনিং করতে হচ্ছে। ভাসমান টার্মিনাল মেরামত শেষে চালু হলে সরবরাহ পরিস্থিতির উন্নতি হবে। আগামী জুনের মধ্যে দৈনিক আরও ২০ কোটি ঘনফুট গ্যাস জাতীয় গ্রিডে যুক্ত হওয়ার কথা রয়েছে।

জ্বালানি বিশেষজ্ঞ অধ্যাপক ম. তামিম বলেন, 'চাহিদা ও সরবরাহের ফারাক না কমালে রেশনিং দিয়ে বেশিদিন চালানো যাবে না। দেশীয় অনুসন্ধানে দ্রুত বিনিয়োগ বাড়াতে হবে।' ভুক্তভোগীরা বলছেন, দ্রুত সমাধান না হলে গণপরিবহণ ভাড়ায় এর প্রভাব পড়বে, যার ভার শেষ পর্যন্ত যাত্রীদের ঘাড়েই চাপবে।

এদিকে গতকাল বিকালে কারওয়ান বাজার এলাকায় সরেজমিনে দেখা যায়, স্টেশনের সামনে অটোরিকশা ও প্রাইভেটকারের দীর্ঘ সারি। চালকরা জানান, ভোর ৫টা থেকে লাইনে দাঁড়িয়েও সকাল ৯টার আগে গ্যাস মিলছে না। সময়মতো গ্যাস না পাওয়ায় অফিসগামী যাত্রীদের ভোগান্তিও বেড়েছে।
